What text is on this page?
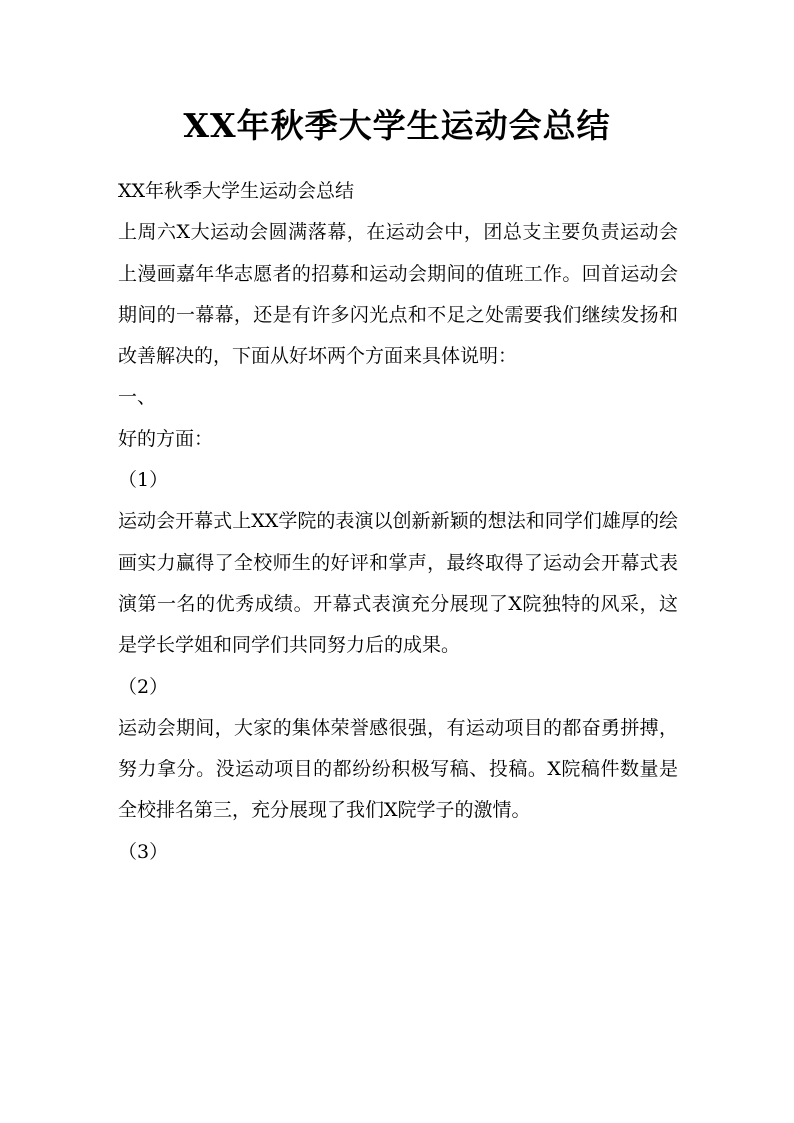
XX年秋季大学生运动会总结

XX年秋季大学生运动会总结

上周六X大运动会圆满落幕，在运动会中，团总支主要负责运动会上漫画嘉年华志愿者的招募和运动会期间的值班工作。回首运动会期间的一幕幕，还是有许多闪光点和不足之处需要我们继续发扬和改善解决的，下面从好坏两个方面来具体说明：

一、

好的方面：

（1）

运动会开幕式上XX学院的表演以创新新颖的想法和同学们雄厚的绘画实力赢得了全校师生的好评和掌声，最终取得了运动会开幕式表演第一名的优秀成绩。开幕式表演充分展现了X院独特的风采，这是学长学姐和同学们共同努力后的成果。

（2）

运动会期间，大家的集体荣誉感很强，有运动项目的都奋勇拼搏，努力拿分。没运动项目的都纷纷积极写稿、投稿。X院稿件数量是全校排名第三，充分展现了我们X院学子的激情。

（3）
